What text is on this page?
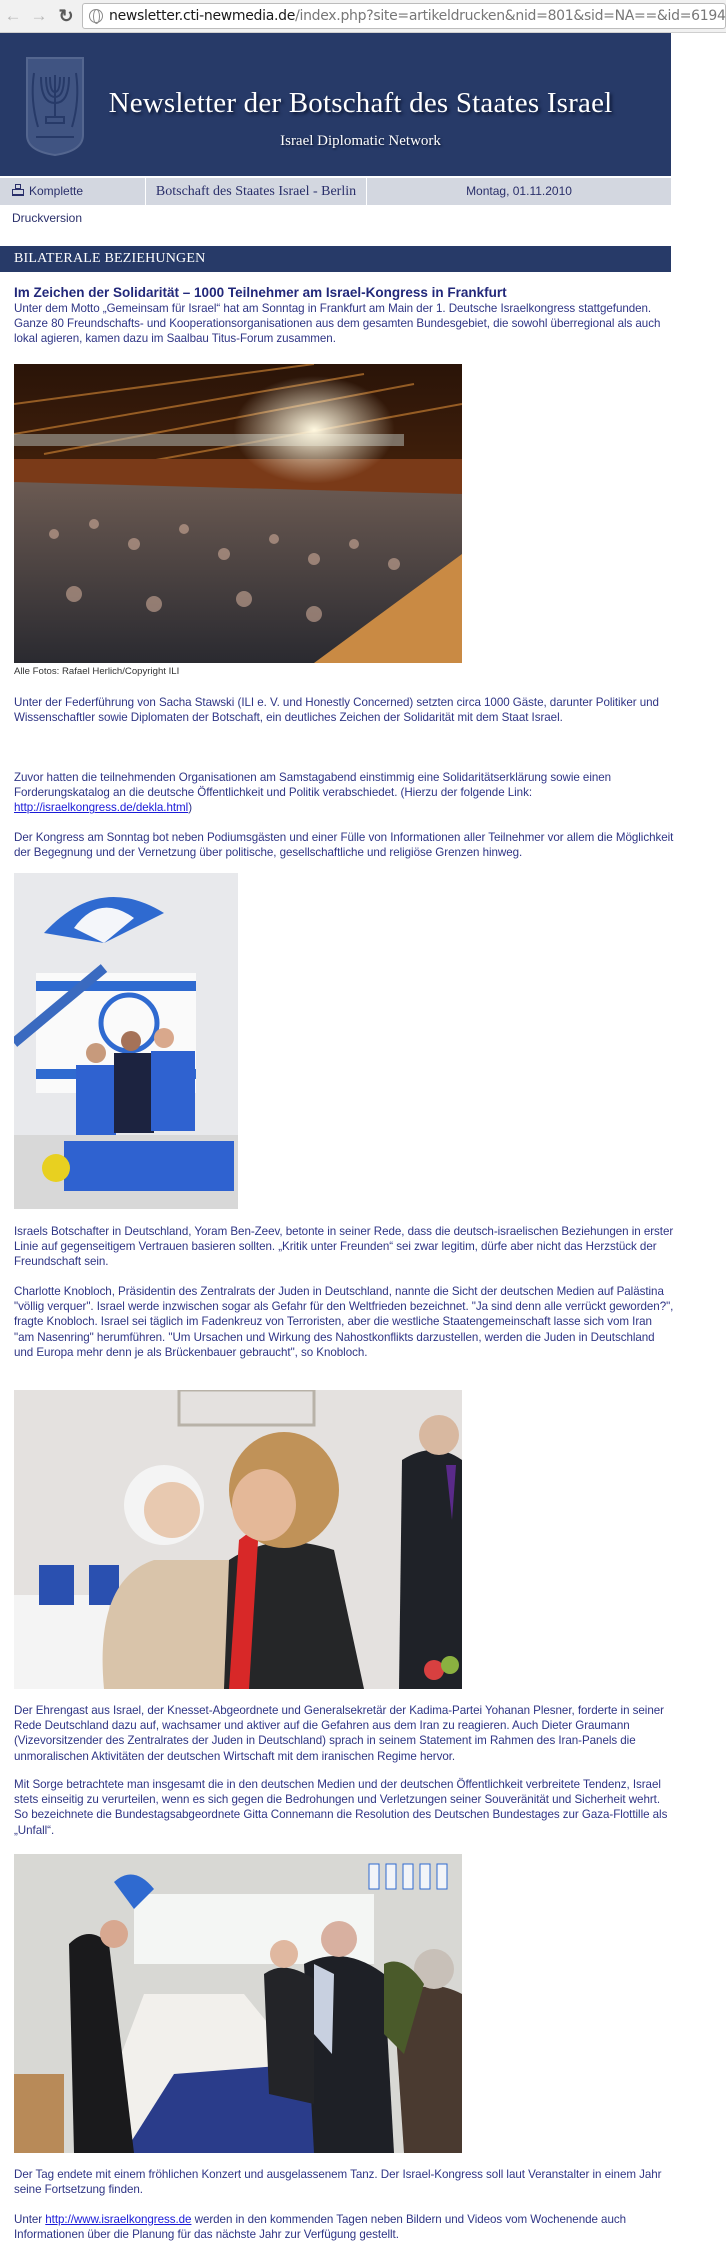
← → ↻	newsletter.cti-newmedia.de/index.php?site=artikeldrucken&nid=801&sid=NA==&id=6194
Newsletter der Botschaft des Staates Israel
Israel Diplomatic Network
Komplette Druckversion
Botschaft des Staates Israel - Berlin	Montag, 01.11.2010
BILATERALE BEZIEHUNGEN
Im Zeichen der Solidarität – 1000 Teilnehmer am Israel-Kongress in Frankfurt

Unter dem Motto „Gemeinsam für Israel“ hat am Sonntag in Frankfurt am Main der 1. Deutsche Israelkongress stattgefunden. Ganze 80 Freundschafts- und Kooperationsorganisationen aus dem gesamten Bundesgebiet, die sowohl überregional als auch lokal agieren, kamen dazu im Saalbau Titus-Forum zusammen.

Alle Fotos: Rafael Herlich/Copyright ILI

Unter der Federführung von Sacha Stawski (ILI e. V. und Honestly Concerned) setzten circa 1000 Gäste, darunter Politiker und Wissenschaftler sowie Diplomaten der Botschaft, ein deutliches Zeichen der Solidarität mit dem Staat Israel.

Zuvor hatten die teilnehmenden Organisationen am Samstagabend einstimmig eine Solidaritätserklärung sowie einen Forderungskatalog an die deutsche Öffentlichkeit und Politik verabschiedet. (Hierzu der folgende Link: http://israelkongress.de/dekla.html)

Der Kongress am Sonntag bot neben Podiumsgästen und einer Fülle von Informationen aller Teilnehmer vor allem die Möglichkeit der Begegnung und der Vernetzung über politische, gesellschaftliche und religiöse Grenzen hinweg.

Israels Botschafter in Deutschland, Yoram Ben-Zeev, betonte in seiner Rede, dass die deutsch-israelischen Beziehungen in erster Linie auf gegenseitigem Vertrauen basieren sollten. „Kritik unter Freunden“ sei zwar legitim, dürfe aber nicht das Herzstück der Freundschaft sein.

Charlotte Knobloch, Präsidentin des Zentralrats der Juden in Deutschland, nannte die Sicht der deutschen Medien auf Palästina "völlig verquer". Israel werde inzwischen sogar als Gefahr für den Weltfrieden bezeichnet. "Ja sind denn alle verrückt geworden?", fragte Knobloch. Israel sei täglich im Fadenkreuz von Terroristen, aber die westliche Staatengemeinschaft lasse sich vom Iran "am Nasenring" herumführen. "Um Ursachen und Wirkung des Nahostkonflikts darzustellen, werden die Juden in Deutschland und Europa mehr denn je als Brückenbauer gebraucht", so Knobloch.

Der Ehrengast aus Israel, der Knesset-Abgeordnete und Generalsekretär der Kadima-Partei Yohanan Plesner, forderte in seiner Rede Deutschland dazu auf, wachsamer und aktiver auf die Gefahren aus dem Iran zu reagieren. Auch Dieter Graumann (Vizevorsitzender des Zentralrates der Juden in Deutschland) sprach in seinem Statement im Rahmen des Iran-Panels die unmoralischen Aktivitäten der deutschen Wirtschaft mit dem iranischen Regime hervor.

Mit Sorge betrachtete man insgesamt die in den deutschen Medien und der deutschen Öffentlichkeit verbreitete Tendenz, Israel stets einseitig zu verurteilen, wenn es sich gegen die Bedrohungen und Verletzungen seiner Souveränität und Sicherheit wehrt. So bezeichnete die Bundestagsabgeordnete Gitta Connemann die Resolution des Deutschen Bundestages zur Gaza-Flottille als „Unfall“.

Der Tag endete mit einem fröhlichen Konzert und ausgelassenem Tanz. Der Israel-Kongress soll laut Veranstalter in einem Jahr seine Fortsetzung finden.

Unter http://www.israelkongress.de werden in den kommenden Tagen neben Bildern und Videos vom Wochenende auch Informationen über die Planung für das nächste Jahr zur Verfügung gestellt.
